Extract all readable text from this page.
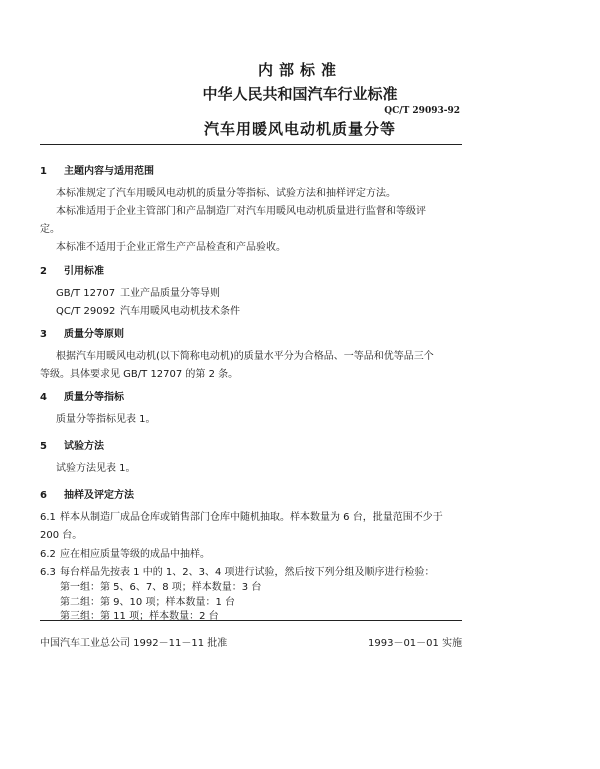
内部标准
中华人民共和国汽车行业标准
QC/T 29093-92
汽车用暖风电动机质量分等
1 主题内容与适用范围
本标准规定了汽车用暖风电动机的质量分等指标、试验方法和抽样评定方法。
本标准适用于企业主管部门和产品制造厂对汽车用暖风电动机质量进行监督和等级评
定。
本标准不适用于企业正常生产产品检查和产品验收。
2 引用标准
GB/T 12707 工业产品质量分等导则
QC/T 29092 汽车用暖风电动机技术条件
3 质量分等原则
根据汽车用暖风电动机(以下简称电动机)的质量水平分为合格品、一等品和优等品三个
等级。具体要求见 GB/T 12707 的第 2 条。
4 质量分等指标
质量分等指标见表 1。
5 试验方法
试验方法见表 1。
6 抽样及评定方法
6.1 样本从制造厂成品仓库或销售部门仓库中随机抽取。样本数量为 6 台，批量范围不少于
200 台。
6.2 应在相应质量等级的成品中抽样。
6.3 每台样品先按表 1 中的 1、2、3、4 项进行试验，然后按下列分组及顺序进行检验：
第一组：第 5、6、7、8 项；样本数量：3 台
第二组：第 9、10 项；样本数量：1 台
第三组：第 11 项；样本数量：2 台
中国汽车工业总公司 1992－11－11 批准	1993－01－01 实施
